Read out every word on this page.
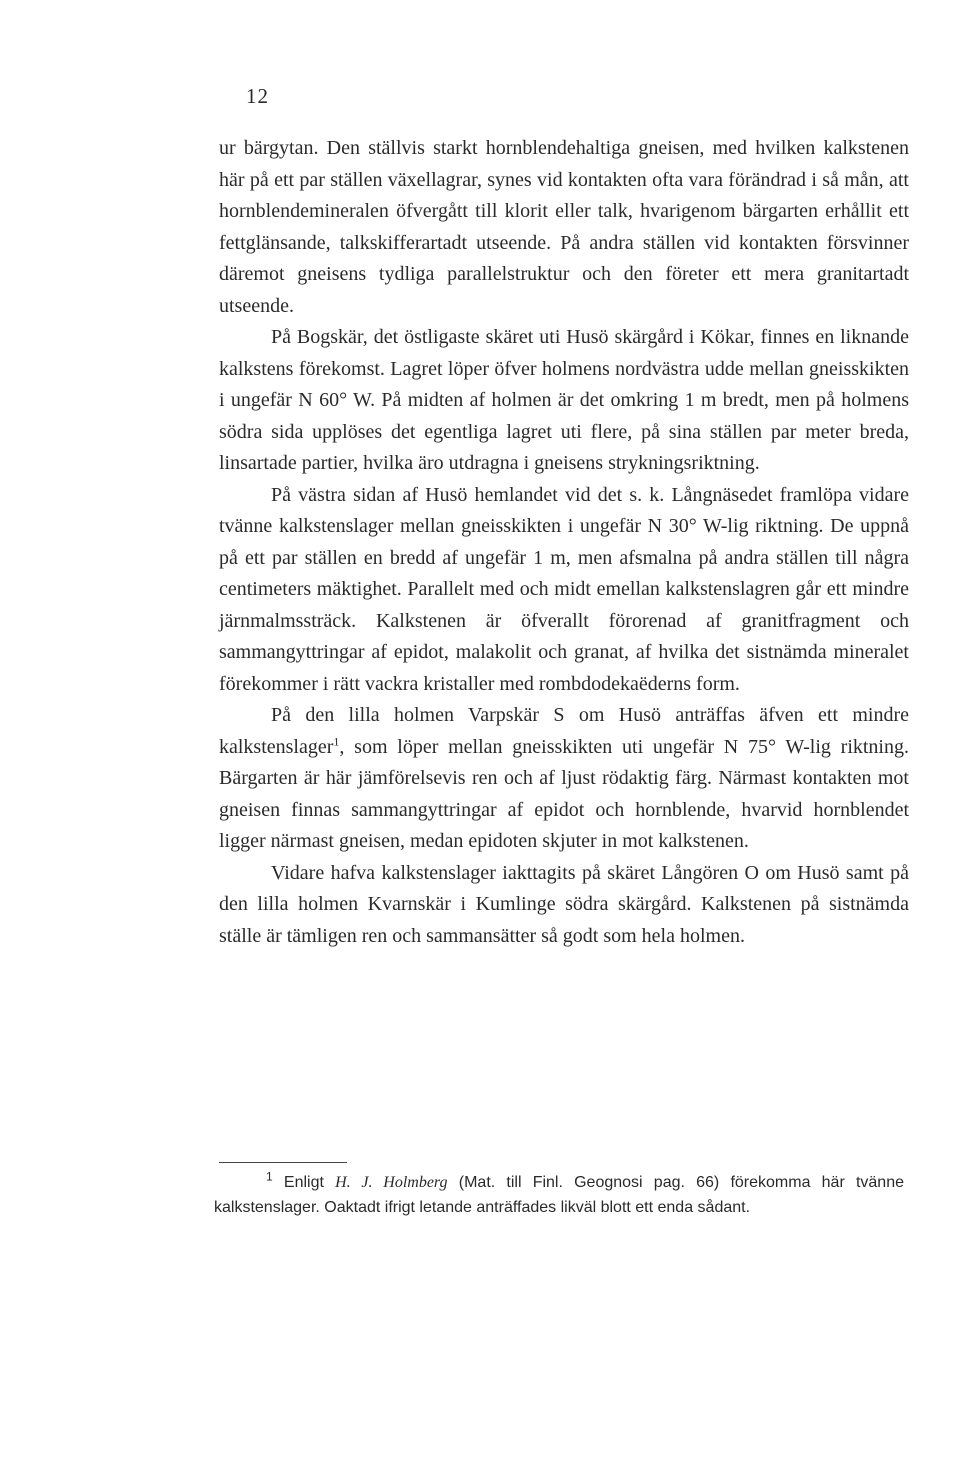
12

ur bärgytan. Den ställvis starkt hornblendehaltiga gneisen, med hvilken kalkstenen här på ett par ställen växellagrar, synes vid kontakten ofta vara förändrad i så mån, att hornblendemineralen öfvergått till klorit eller talk, hvarigenom bärgarten erhållit ett fettglänsande, talkskifferartadt utseende. På andra ställen vid kontakten försvinner däremot gneisens tydliga parallelstruktur och den företer ett mera granitartadt utseende.

På Bogskär, det östligaste skäret uti Husö skärgård i Kökar, finnes en liknande kalkstens förekomst. Lagret löper öfver holmens nordvästra udde mellan gneisskikten i ungefär N 60° W. På midten af holmen är det omkring 1 m bredt, men på holmens södra sida upplöses det egentliga lagret uti flere, på sina ställen par meter breda, linsartade partier, hvilka äro utdragna i gneisens strykningsriktning.

På västra sidan af Husö hemlandet vid det s. k. Långnäsedet framlöpa vidare tvänne kalkstenslager mellan gneisskikten i ungefär N 30° W-lig riktning. De uppnå på ett par ställen en bredd af ungefär 1 m, men afsmalna på andra ställen till några centimeters mäktighet. Parallelt med och midt emellan kalkstenslagren går ett mindre järnmalmssträck. Kalkstenen är öfverallt förorenad af granitfragment och sammangyttringar af epidot, malakolit och granat, af hvilka det sistnämda mineralet förekommer i rätt vackra kristaller med rombdodekaëderns form.

På den lilla holmen Varpskär S om Husö anträffas äfven ett mindre kalkstenslager$^1$, som löper mellan gneisskikten uti ungefär N 75° W-lig riktning. Bärgarten är här jämförelsevis ren och af ljust rödaktig färg. Närmast kontakten mot gneisen finnas sammangyttringar af epidot och hornblende, hvarvid hornblendet ligger närmast gneisen, medan epidoten skjuter in mot kalkstenen.

Vidare hafva kalkstenslager iakttagits på skäret Långören O om Husö samt på den lilla holmen Kvarnskär i Kumlinge södra skärgård. Kalkstenen på sistnämda ställe är tämligen ren och sammansätter så godt som hela holmen.

$^1$ Enligt H. J. Holmberg (Mat. till Finl. Geognosi pag. 66) förekomma här tvänne kalkstenslager. Oaktadt ifrigt letande anträffades likväl blott ett enda sådant.
